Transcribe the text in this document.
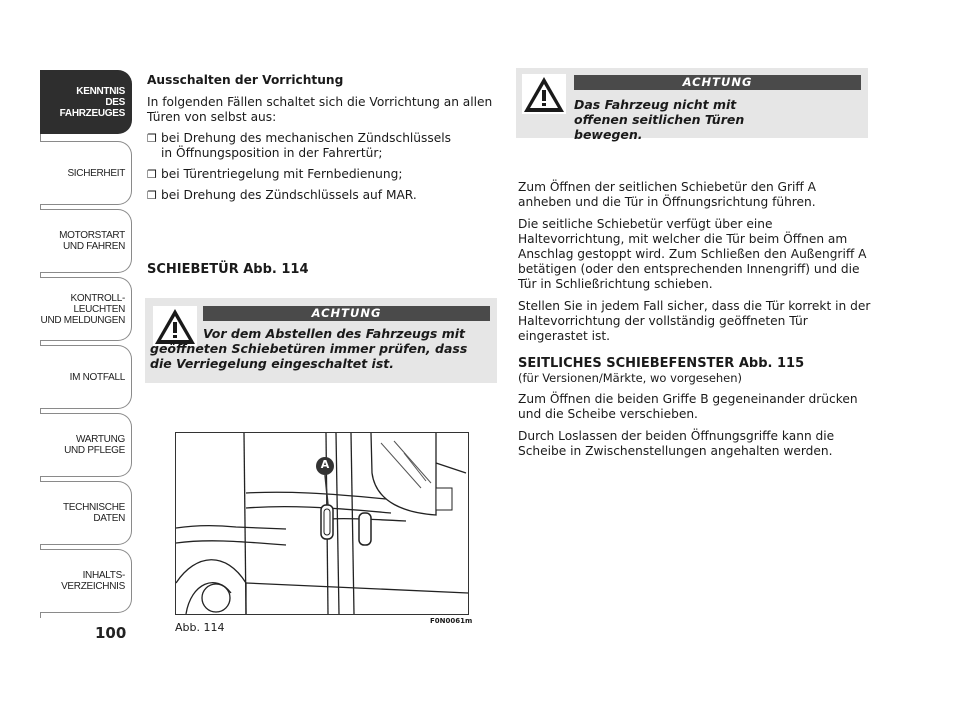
KENNTNIS
DES FAHRZEUGES
SICHERHEIT
MOTORSTART
UND FAHREN
KONTROLL-
LEUCHTEN
UND MELDUNGEN
IM NOTFALL
WARTUNG
UND PFLEGE
TECHNISCHE
DATEN
INHALTS-
VERZEICHNIS
100

Ausschalten der Vorrichtung

In folgenden Fällen schaltet sich die Vorrichtung an allen Türen von selbst aus:

❒ bei Drehung des mechanischen Zündschlüssels in Öffnungsposition in der Fahrertür;
❒ bei Türentriegelung mit Fernbedienung;
❒ bei Drehung des Zündschlüssels auf MAR.
SCHIEBETÜR Abb. 114
ACHTUNG
Vor dem Abstellen des Fahrzeugs mit geöffneten Schiebetüren immer prüfen, dass die Verriegelung eingeschaltet ist.
A
Abb. 114	F0N0061m
ACHTUNG
Das Fahrzeug nicht mit offenen seitlichen Türen bewegen.

Zum Öffnen der seitlichen Schiebetür den Griff A anheben und die Tür in Öffnungsrichtung führen.

Die seitliche Schiebetür verfügt über eine Haltevorrichtung, mit welcher die Tür beim Öffnen am Anschlag gestoppt wird. Zum Schließen den Außengriff A betätigen (oder den entsprechenden Innengriff) und die Tür in Schließrichtung schieben.

Stellen Sie in jedem Fall sicher, dass die Tür korrekt in der Haltevorrichtung der vollständig geöffneten Tür eingerastet ist.

SEITLICHES SCHIEBEFENSTER Abb. 115

(für Versionen/Märkte, wo vorgesehen)

Zum Öffnen die beiden Griffe B gegeneinander drücken und die Scheibe verschieben.

Durch Loslassen der beiden Öffnungsgriffe kann die Scheibe in Zwischenstellungen angehalten werden.
